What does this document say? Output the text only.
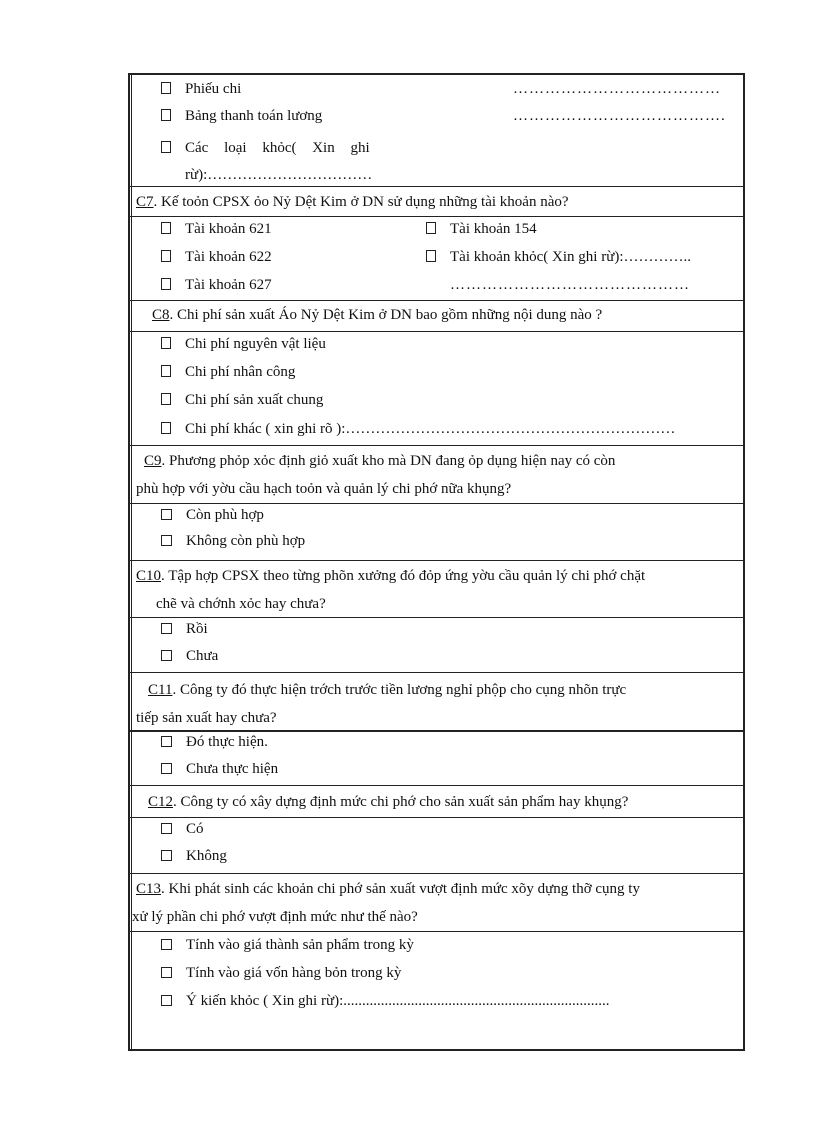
Phiếu chi	…………………………………
Bảng thanh toán lương	………………………………….
Các loại khỏc( Xin ghi
rừ):……………………………
C7. Kế toỏn CPSX ỏo Nỷ Dệt Kim ở DN sử dụng những tài khoản nào?
Tài khoản 621	Tài khoản 154
Tài khoản 622	Tài khoản khỏc( Xin ghi rừ):…………..
Tài khoản 627	………………………………………
C8. Chi phí sản xuất Áo Nỷ Dệt Kim ở DN bao gồm những nội dung nào ?
Chi phí nguyên vật liệu
Chi phí nhân công
Chi phí sản xuất chung
Chi phí khác ( xin ghi rõ ):…………………………………………………………
C9. Phương phỏp xỏc định giỏ xuất kho mà DN đang ỏp dụng hiện nay có còn
phù hợp với yờu cầu hạch toỏn và quản lý chi phớ nữa khụng?
Còn phù hợp
Không còn phù hợp
C10. Tập hợp CPSX theo từng phõn xưởng đó đỏp ứng yờu cầu quản lý chi phớ chặt
chẽ và chớnh xỏc hay chưa?
Rồi
Chưa
C11. Công ty đó thực hiện trớch trước tiền lương nghỉ phộp cho cụng nhõn trực
tiếp sản xuất hay chưa?
Đó thực hiện.
Chưa thực hiện
C12. Công ty có xây dựng định mức chi phớ cho sản xuất sản phẩm hay khụng?
Có
Không
C13. Khi phát sinh các khoản chi phớ sản xuất vượt định mức xõy dựng thỡ cụng ty
xử lý phần chi phớ vượt định mức như thế nào?
Tính vào giá thành sản phẩm trong kỳ
Tính vào giá vốn hàng bỏn trong kỳ
Ý kiến khỏc ( Xin ghi rừ):.......................................................................
